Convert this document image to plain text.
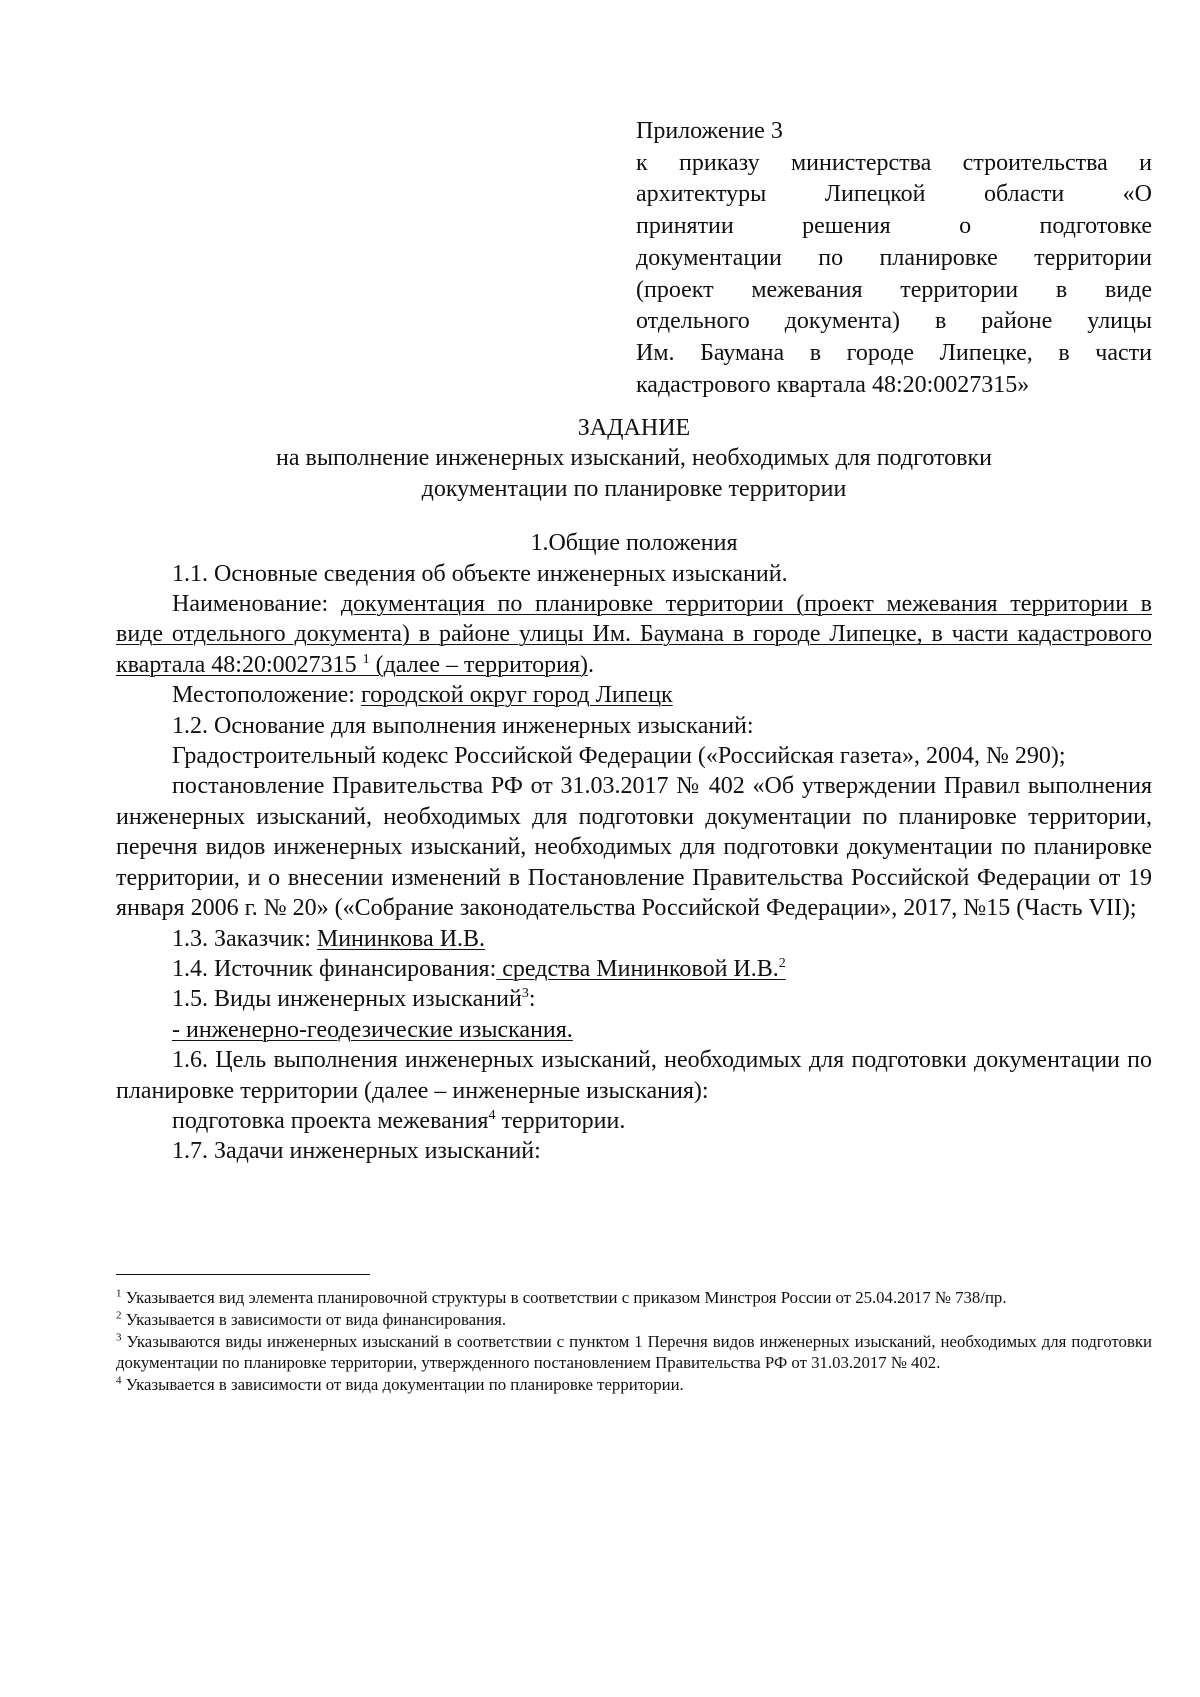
Приложение 3
к приказу министерства строительства и
архитектуры Липецкой области «О
принятии решения о подготовке
документации по планировке территории
(проект межевания территории в виде
отдельного документа) в районе улицы
Им. Баумана в городе Липецке, в части
кадастрового квартала 48:20:0027315»

ЗАДАНИЕ

на выполнение инженерных изысканий, необходимых для подготовки

документации по планировке территории

1.Общие положения

1.1. Основные сведения об объекте инженерных изысканий.

Наименование: документация по планировке территории (проект межевания территории в виде отдельного документа) в районе улицы Им. Баумана в городе Липецке, в части кадастрового квартала 48:20:0027315 $^1$ (далее – территория).

Местоположение: городской округ город Липецк

1.2. Основание для выполнения инженерных изысканий:

Градостроительный кодекс Российской Федерации («Российская газета», 2004, № 290);

постановление Правительства РФ от 31.03.2017 № 402 «Об утверждении Правил выполнения инженерных изысканий, необходимых для подготовки документации по планировке территории, перечня видов инженерных изысканий, необходимых для подготовки документации по планировке территории, и о внесении изменений в Постановление Правительства Российской Федерации от 19 января 2006 г. № 20» («Собрание законодательства Российской Федерации», 2017, №15 (Часть VII);

1.3. Заказчик: Мининкова И.В.

1.4. Источник финансирования: средства Мининковой И.В.$^2$

1.5. Виды инженерных изысканий$^3$:

- инженерно-геодезические изыскания.

1.6. Цель выполнения инженерных изысканий, необходимых для подготовки документации по планировке территории (далее – инженерные изыскания):

подготовка проекта межевания$^4$ территории.

1.7. Задачи инженерных изысканий:

$^1$ Указывается вид элемента планировочной структуры в соответствии с приказом Минстроя России от 25.04.2017 № 738/пр.

$^2$ Указывается в зависимости от вида финансирования.

$^3$ Указываются виды инженерных изысканий в соответствии с пунктом 1 Перечня видов инженерных изысканий, необходимых для подготовки документации по планировке территории, утвержденного постановлением Правительства РФ от 31.03.2017 № 402.

$^4$ Указывается в зависимости от вида документации по планировке территории.
